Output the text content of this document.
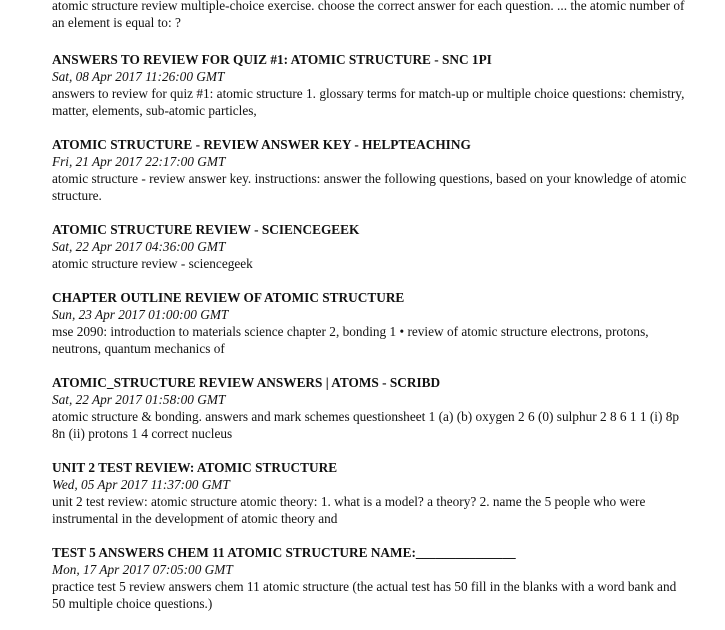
atomic structure review multiple-choice exercise. choose the correct answer for each question. ... the atomic number of an element is equal to: ?
ANSWERS TO REVIEW FOR QUIZ #1: ATOMIC STRUCTURE - SNC 1PI
Sat, 08 Apr 2017 11:26:00 GMT
answers to review for quiz #1: atomic structure 1. glossary terms for match-up or multiple choice questions: chemistry, matter, elements, sub-atomic particles,
ATOMIC STRUCTURE - REVIEW ANSWER KEY - HELPTEACHING
Fri, 21 Apr 2017 22:17:00 GMT
atomic structure - review answer key. instructions: answer the following questions, based on your knowledge of atomic structure.
ATOMIC STRUCTURE REVIEW - SCIENCEGEEK
Sat, 22 Apr 2017 04:36:00 GMT
atomic structure review - sciencegeek
CHAPTER OUTLINE REVIEW OF ATOMIC STRUCTURE
Sun, 23 Apr 2017 01:00:00 GMT
mse 2090: introduction to materials science chapter 2, bonding 1 • review of atomic structure electrons, protons, neutrons, quantum mechanics of
ATOMIC_STRUCTURE REVIEW ANSWERS | ATOMS - SCRIBD
Sat, 22 Apr 2017 01:58:00 GMT
atomic structure & bonding. answers and mark schemes questionsheet 1 (a) (b) oxygen 2 6 (0) sulphur 2 8 6 1 1 (i) 8p 8n (ii) protons 1 4 correct nucleus
UNIT 2 TEST REVIEW: ATOMIC STRUCTURE
Wed, 05 Apr 2017 11:37:00 GMT
unit 2 test review: atomic structure atomic theory: 1. what is a model? a theory? 2. name the 5 people who were instrumental in the development of atomic theory and
TEST 5 ANSWERS CHEM 11 ATOMIC STRUCTURE NAME:_______________
Mon, 17 Apr 2017 07:05:00 GMT
practice test 5 review answers chem 11 atomic structure (the actual test has 50 fill in the blanks with a word bank and 50 multiple choice questions.)
